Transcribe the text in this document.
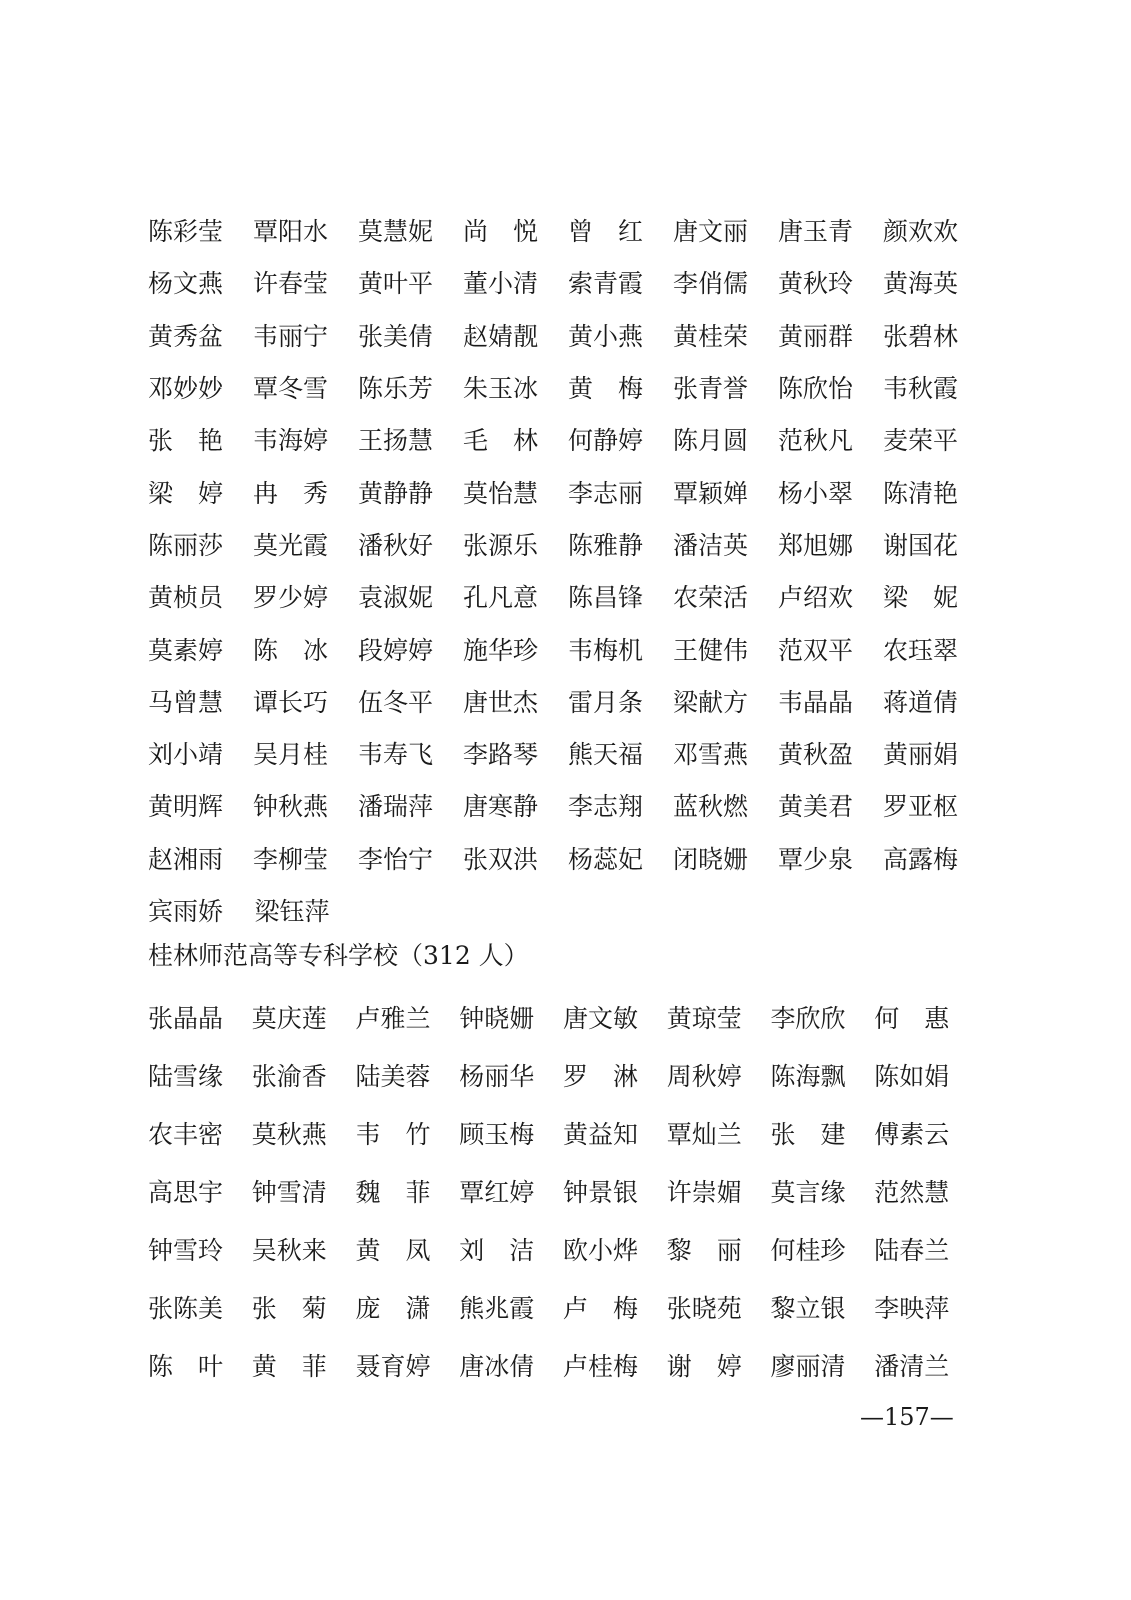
陈彩莹	覃阳水	莫慧妮	尚　悦	曾　红	唐文丽	唐玉青	颜欢欢
杨文燕	许春莹	黄叶平	董小清	索青霞	李俏儒	黄秋玲	黄海英
黄秀盆	韦丽宁	张美倩	赵婧靓	黄小燕	黄桂荣	黄丽群	张碧林
邓妙妙	覃冬雪	陈乐芳	朱玉冰	黄　梅	张青誉	陈欣怡	韦秋霞
张　艳	韦海婷	王扬慧	毛　林	何静婷	陈月圆	范秋凡	麦荣平
梁　婷	冉　秀	黄静静	莫怡慧	李志丽	覃颖婵	杨小翠	陈清艳
陈丽莎	莫光霞	潘秋好	张源乐	陈雅静	潘洁英	郑旭娜	谢国花
黄桢员	罗少婷	袁淑妮	孔凡意	陈昌锋	农荣活	卢绍欢	梁　妮
莫素婷	陈　冰	段婷婷	施华珍	韦梅机	王健伟	范双平	农珏翠
马曾慧	谭长巧	伍冬平	唐世杰	雷月条	梁献方	韦晶晶	蒋道倩
刘小靖	吴月桂	韦寿飞	李路琴	熊天福	邓雪燕	黄秋盈	黄丽娟
黄明辉	钟秋燕	潘瑞萍	唐寒静	李志翔	蓝秋燃	黄美君	罗亚枢
赵湘雨	李柳莹	李怡宁	张双洪	杨蕊妃	闭晓姗	覃少泉	高露梅
宾雨娇	梁钰萍
桂林师范高等专科学校（312 人）
张晶晶	莫庆莲	卢雅兰	钟晓姗	唐文敏	黄琼莹	李欣欣	何　惠
陆雪缘	张渝香	陆美蓉	杨丽华	罗　淋	周秋婷	陈海飘	陈如娟
农丰密	莫秋燕	韦　竹	顾玉梅	黄益知	覃灿兰	张　建	傅素云
高思宇	钟雪清	魏　菲	覃红婷	钟景银	许崇媚	莫言缘	范然慧
钟雪玲	吴秋来	黄　凤	刘　洁	欧小烨	黎　丽	何桂珍	陆春兰
张陈美	张　菊	庞　潇	熊兆霞	卢　梅	张晓苑	黎立银	李映萍
陈　叶	黄　菲	聂育婷	唐冰倩	卢桂梅	谢　婷	廖丽清	潘清兰
—157—
